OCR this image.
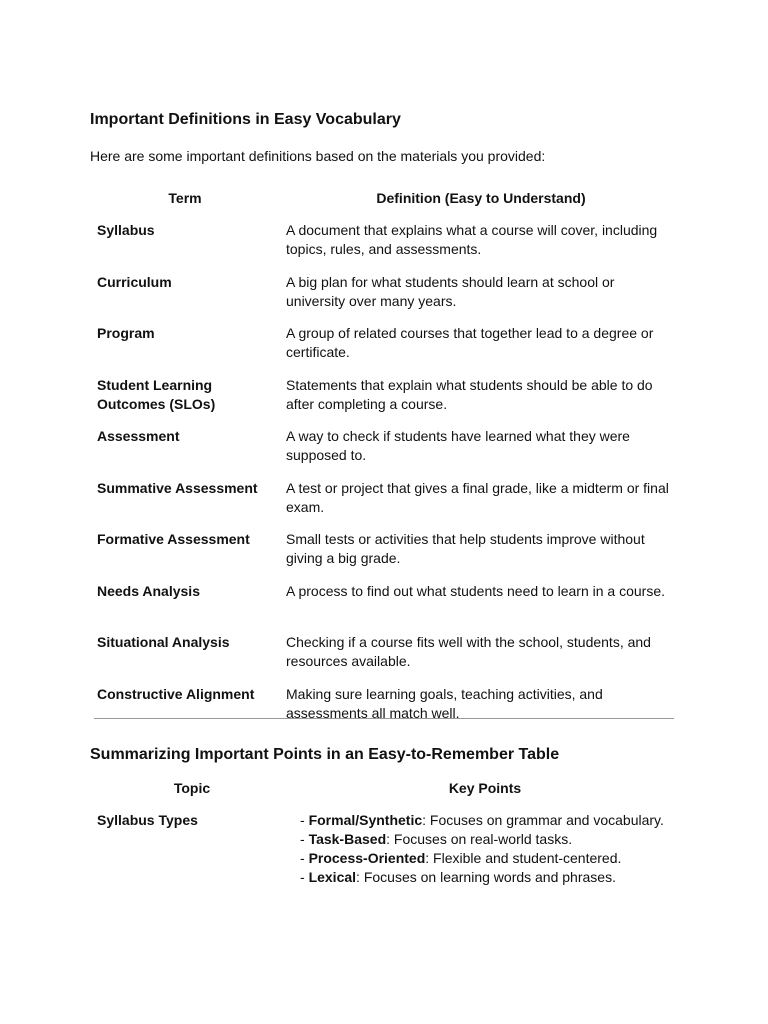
Important Definitions in Easy Vocabulary

Here are some important definitions based on the materials you provided:

Term	Definition (Easy to Understand)

Syllabus	A document that explains what a course will cover, including topics, rules, and assessments.
Curriculum	A big plan for what students should learn at school or university over many years.
Program	A group of related courses that together lead to a degree or certificate.
Student Learning Outcomes (SLOs)	Statements that explain what students should be able to do after completing a course.
Assessment	A way to check if students have learned what they were supposed to.
Summative Assessment	A test or project that gives a final grade, like a midterm or final exam.
Formative Assessment	Small tests or activities that help students improve without giving a big grade.
Needs Analysis	A process to find out what students need to learn in a course.
Situational Analysis	Checking if a course fits well with the school, students, and resources available.
Constructive Alignment	Making sure learning goals, teaching activities, and assessments all match well.
Summarizing Important Points in an Easy-to-Remember Table
Topic	Key Points

Syllabus Types	- Formal/Synthetic: Focuses on grammar and vocabulary.
- Task-Based: Focuses on real-world tasks.
- Process-Oriented: Flexible and student-centered.
- Lexical: Focuses on learning words and phrases.
